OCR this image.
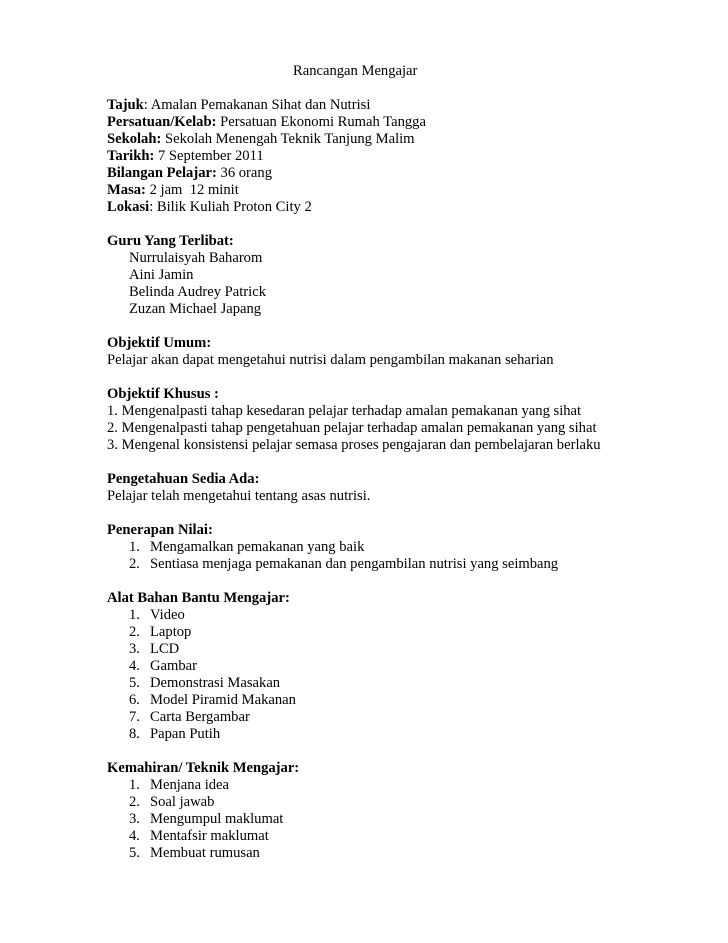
Rancangan Mengajar
Tajuk: Amalan Pemakanan Sihat dan Nutrisi
Persatuan/Kelab: Persatuan Ekonomi Rumah Tangga
Sekolah: Sekolah Menengah Teknik Tanjung Malim
Tarikh: 7 September 2011
Bilangan Pelajar: 36 orang
Masa: 2 jam  12 minit
Lokasi: Bilik Kuliah Proton City 2
Guru Yang Terlibat:
Nurrulaisyah Baharom
Aini Jamin
Belinda Audrey Patrick
Zuzan Michael Japang
Objektif Umum:
Pelajar akan dapat mengetahui nutrisi dalam pengambilan makanan seharian
Objektif Khusus :
1. Mengenalpasti tahap kesedaran pelajar terhadap amalan pemakanan yang sihat
2. Mengenalpasti tahap pengetahuan pelajar terhadap amalan pemakanan yang sihat
3. Mengenal konsistensi pelajar semasa proses pengajaran dan pembelajaran berlaku
Pengetahuan Sedia Ada:
Pelajar telah mengetahui tentang asas nutrisi.
Penerapan Nilai:
1. Mengamalkan pemakanan yang baik
2. Sentiasa menjaga pemakanan dan pengambilan nutrisi yang seimbang
Alat Bahan Bantu Mengajar:
1. Video
2. Laptop
3. LCD
4. Gambar
5. Demonstrasi Masakan
6. Model Piramid Makanan
7. Carta Bergambar
8. Papan Putih
Kemahiran/ Teknik Mengajar:
1. Menjana idea
2. Soal jawab
3. Mengumpul maklumat
4. Mentafsir maklumat
5. Membuat rumusan
